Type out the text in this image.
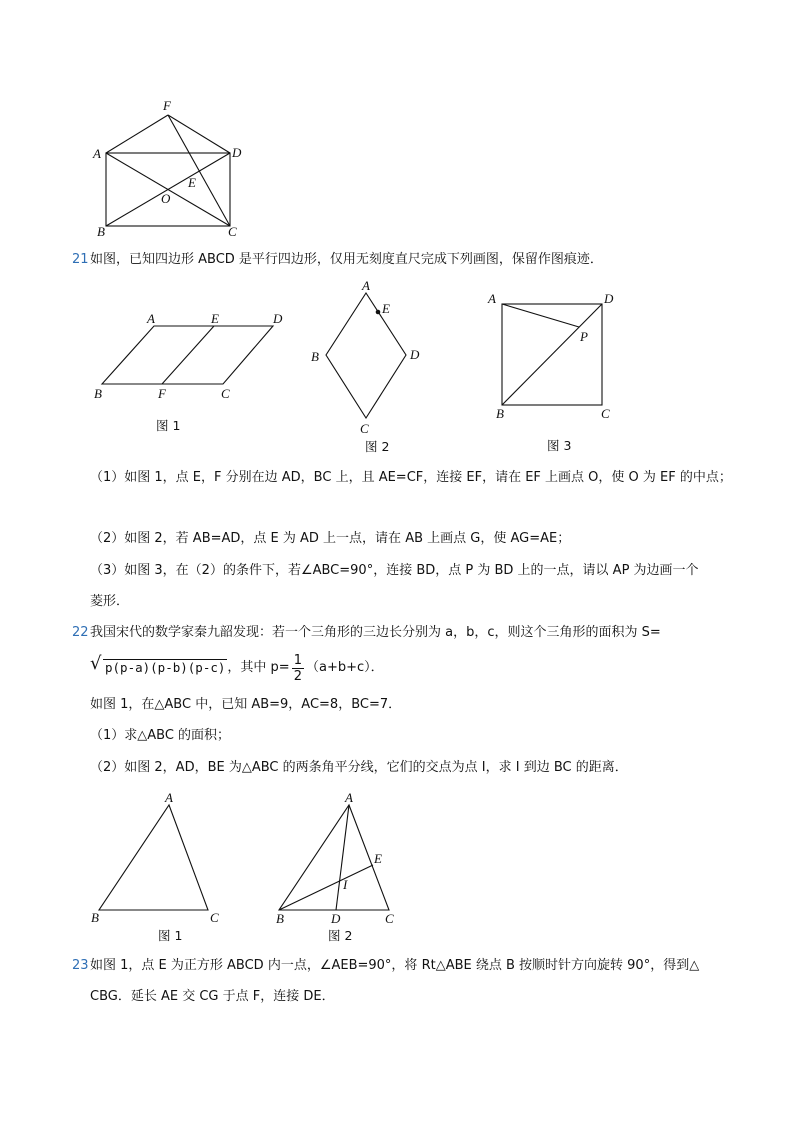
F
A	D
E
O
B	C
21 如图，已知四边形 ABCD 是平行四边形，仅用无刻度直尺完成下列画图，保留作图痕迹．
A	E	D
B	F	C
图 1
A
E
B	D
C
图 2
A	D
P
B	C
图 3
（1）如图 1，点 E，F 分别在边 AD，BC 上，且 AE=CF，连接 EF，请在 EF 上画点 O，使 O 为 EF 的中点；
（2）如图 2，若 AB=AD，点 E 为 AD 上一点，请在 AB 上画点 G，使 AG=AE；
（3）如图 3，在（2）的条件下，若∠ABC=90°，连接 BD，点 P 为 BD 上的一点，请以 AP 为边画一个
菱形．
22 我国宋代的数学家秦九韶发现：若一个三角形的三边长分别为 a，b，c，则这个三角形的面积为 S=
√ p(p-a)(p-b)(p-c) ，其中 $p= \frac{1}{2} (a+b+c)$．
如图 1，在△ABC 中，已知 AB=9，AC=8，BC=7．
（1）求△ABC 的面积；
（2）如图 2，AD，BE 为△ABC 的两条角平分线，它们的交点为点 I，求 I 到边 BC 的距离．
A
B	C
图 1
A
E
I
B	D	C
图 2
23 如图 1，点 E 为正方形 ABCD 内一点，∠AEB=90°，将 Rt△ABE 绕点 B 按顺时针方向旋转 90°，得到△
CBG．延长 AE 交 CG 于点 F，连接 DE．
